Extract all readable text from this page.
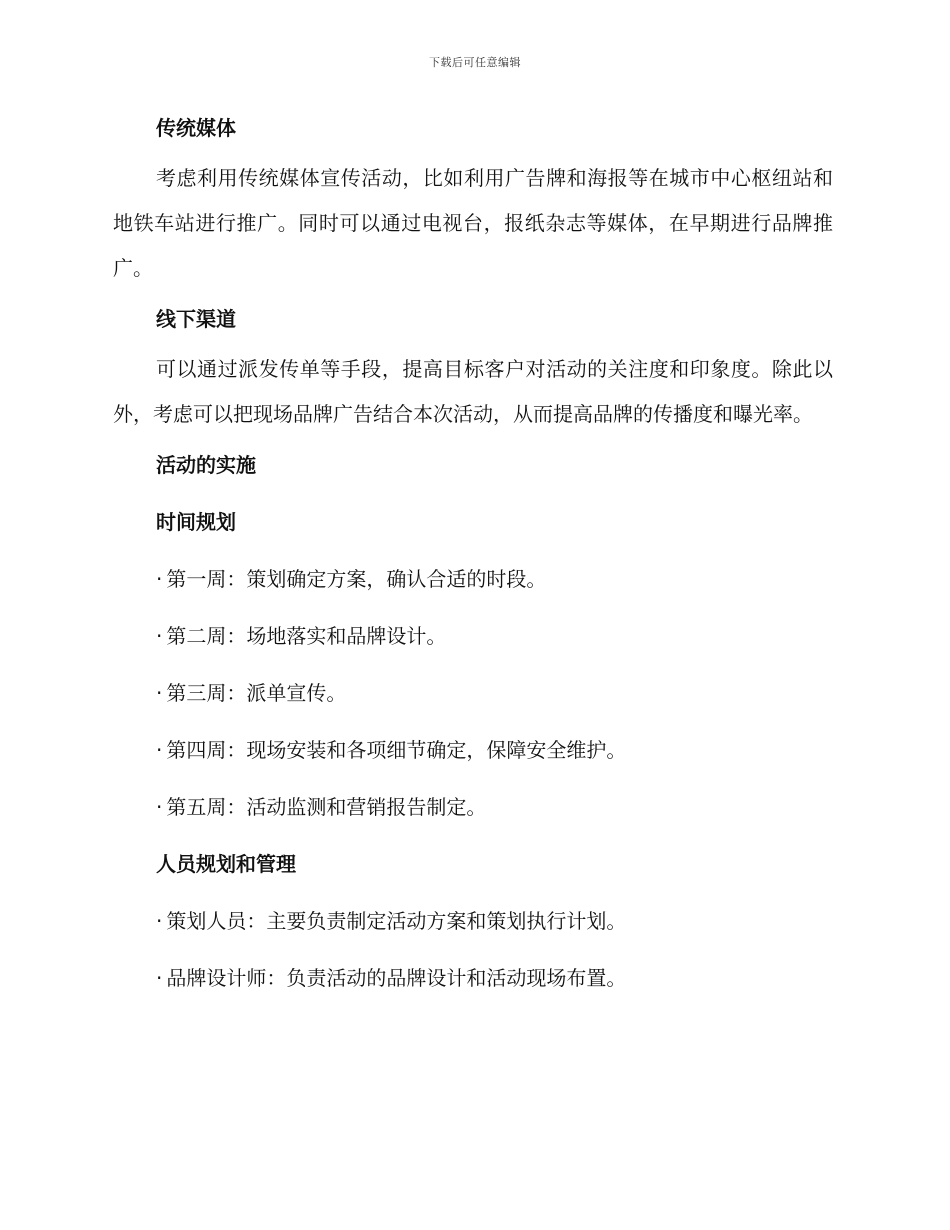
下载后可任意编辑
传统媒体

考虑利用传统媒体宣传活动，比如利用广告牌和海报等在城市中心枢纽站和地铁车站进行推广。同时可以通过电视台，报纸杂志等媒体，在早期进行品牌推广。

线下渠道

可以通过派发传单等手段，提高目标客户对活动的关注度和印象度。除此以外，考虑可以把现场品牌广告结合本次活动，从而提高品牌的传播度和曝光率。

活动的实施
时间规划

· 第一周：策划确定方案，确认合适的时段。

· 第二周：场地落实和品牌设计。

· 第三周：派单宣传。

· 第四周：现场安装和各项细节确定，保障安全维护。

· 第五周：活动监测和营销报告制定。

人员规划和管理

· 策划人员：主要负责制定活动方案和策划执行计划。

· 品牌设计师：负责活动的品牌设计和活动现场布置。
